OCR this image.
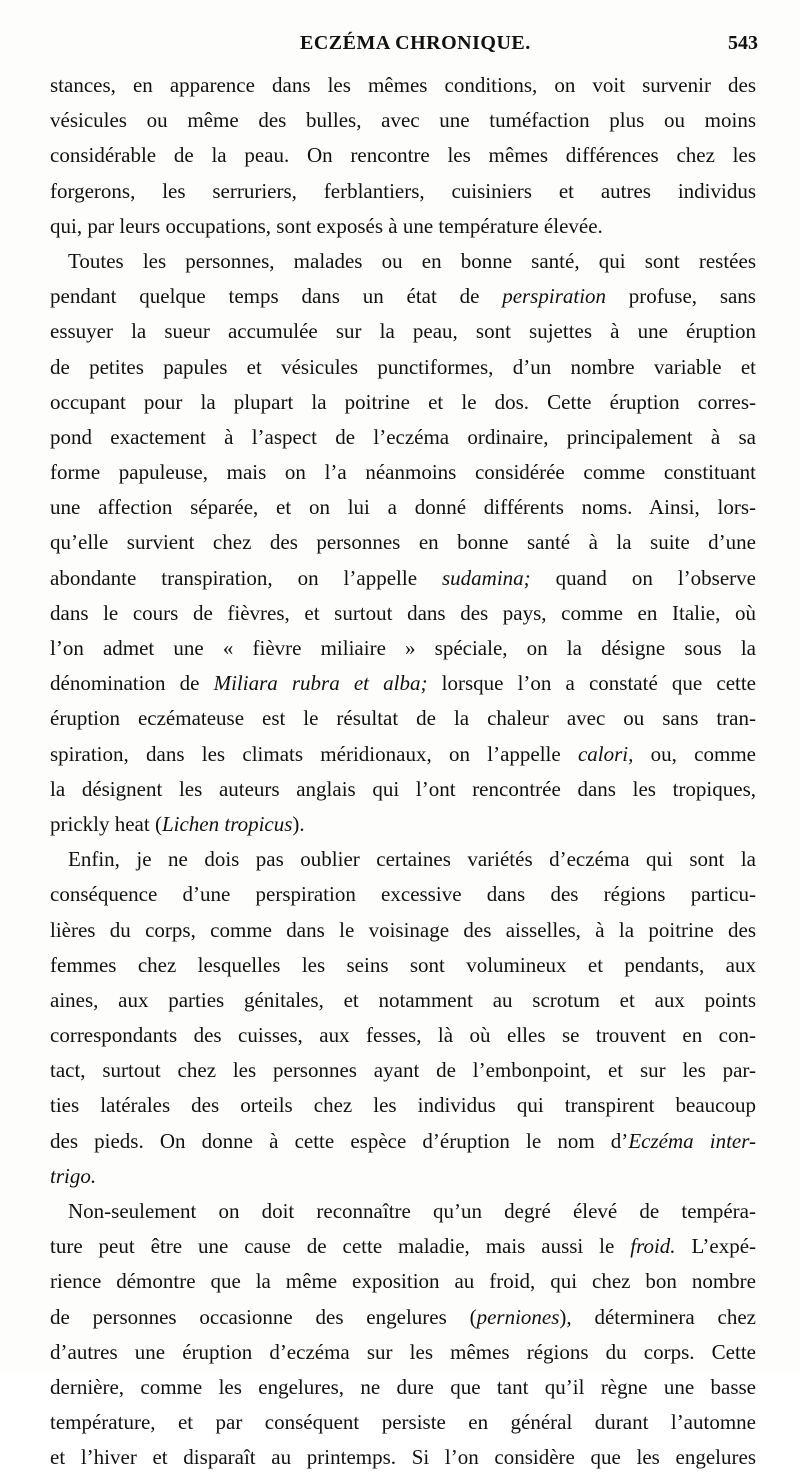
ECZÉMA CHRONIQUE.	543
stances, en apparence dans les mêmes conditions, on voit survenir des
vésicules ou même des bulles, avec une tuméfaction plus ou moins
considérable de la peau. On rencontre les mêmes différences chez les
forgerons, les serruriers, ferblantiers, cuisiniers et autres individus
qui, par leurs occupations, sont exposés à une température élevée.
Toutes les personnes, malades ou en bonne santé, qui sont restées
pendant quelque temps dans un état de perspiration profuse, sans
essuyer la sueur accumulée sur la peau, sont sujettes à une éruption
de petites papules et vésicules punctiformes, d’un nombre variable et
occupant pour la plupart la poitrine et le dos. Cette éruption corres-
pond exactement à l’aspect de l’eczéma ordinaire, principalement à sa
forme papuleuse, mais on l’a néanmoins considérée comme constituant
une affection séparée, et on lui a donné différents noms. Ainsi, lors-
qu’elle survient chez des personnes en bonne santé à la suite d’une
abondante transpiration, on l’appelle sudamina; quand on l’observe
dans le cours de fièvres, et surtout dans des pays, comme en Italie, où
l’on admet une « fièvre miliaire » spéciale, on la désigne sous la
dénomination de Miliara rubra et alba; lorsque l’on a constaté que cette
éruption eczémateuse est le résultat de la chaleur avec ou sans tran-
spiration, dans les climats méridionaux, on l’appelle calori, ou, comme
la désignent les auteurs anglais qui l’ont rencontrée dans les tropiques,
prickly heat (Lichen tropicus).
Enfin, je ne dois pas oublier certaines variétés d’eczéma qui sont la
conséquence d’une perspiration excessive dans des régions particu-
lières du corps, comme dans le voisinage des aisselles, à la poitrine des
femmes chez lesquelles les seins sont volumineux et pendants, aux
aines, aux parties génitales, et notamment au scrotum et aux points
correspondants des cuisses, aux fesses, là où elles se trouvent en con-
tact, surtout chez les personnes ayant de l’embonpoint, et sur les par-
ties latérales des orteils chez les individus qui transpirent beaucoup
des pieds. On donne à cette espèce d’éruption le nom d’Eczéma inter-
trigo.
Non-seulement on doit reconnaître qu’un degré élevé de tempéra-
ture peut être une cause de cette maladie, mais aussi le froid. L’expé-
rience démontre que la même exposition au froid, qui chez bon nombre
de personnes occasionne des engelures (perniones), déterminera chez
d’autres une éruption d’eczéma sur les mêmes régions du corps. Cette
dernière, comme les engelures, ne dure que tant qu’il règne une basse
température, et par conséquent persiste en général durant l’automne
et l’hiver et disparaît au printemps. Si l’on considère que les engelures
